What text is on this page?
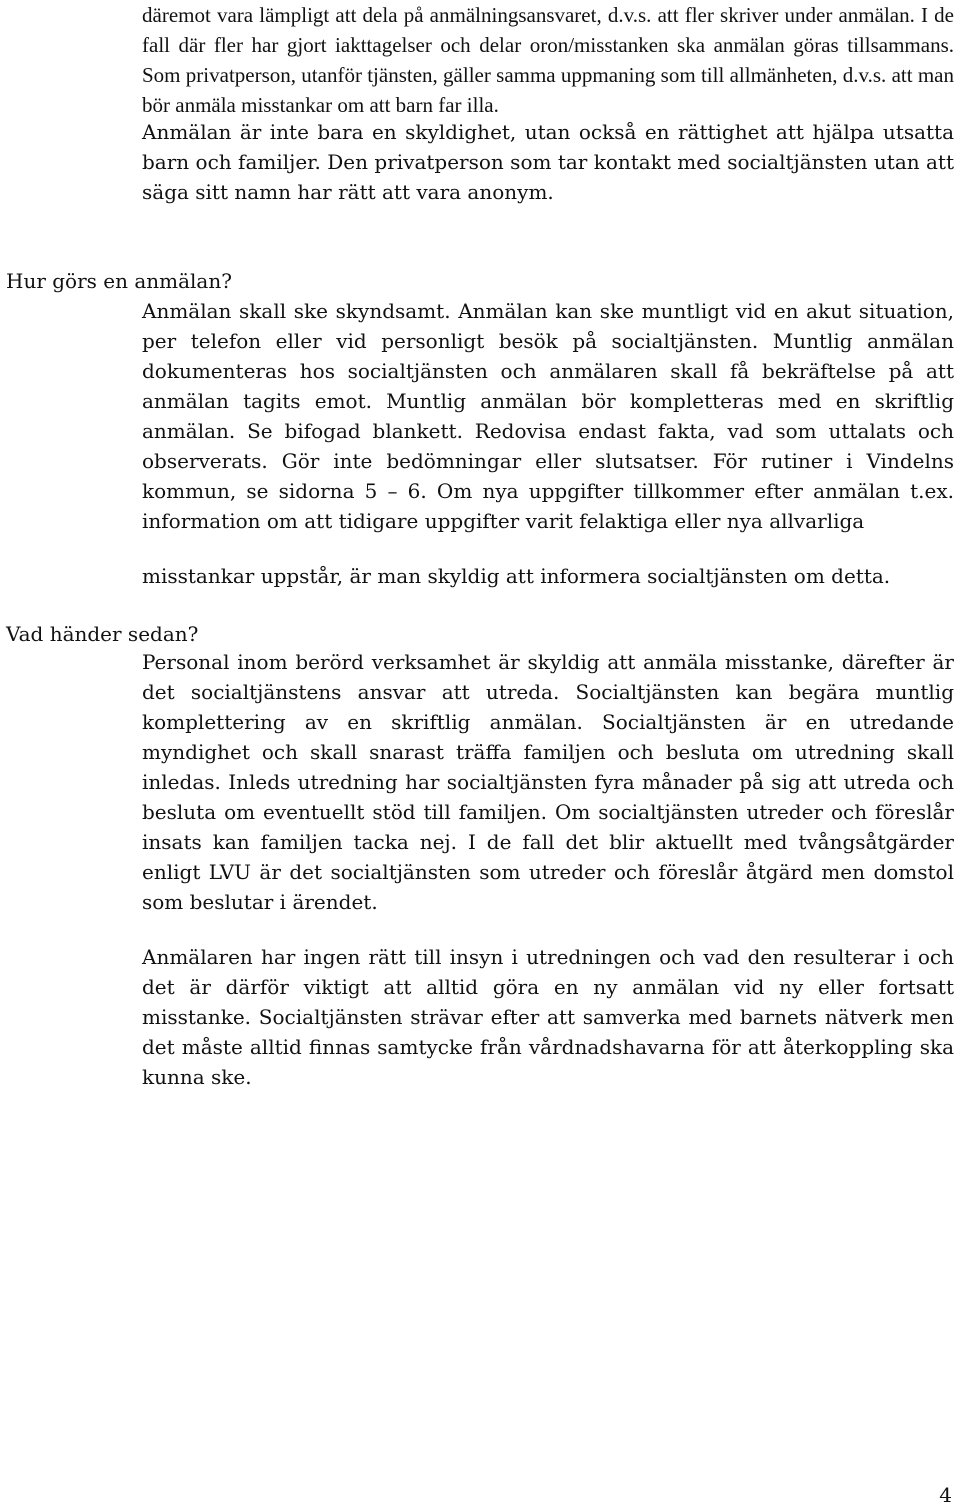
däremot vara lämpligt att dela på anmälningsansvaret, d.v.s. att fler skriver under anmälan. I de fall där fler har gjort iakttagelser och delar oron/misstanken ska anmälan göras tillsammans. Som privatperson, utanför tjänsten, gäller samma uppmaning som till allmänheten, d.v.s. att man bör anmäla misstankar om att barn far illa.

Anmälan är inte bara en skyldighet, utan också en rättighet att hjälpa utsatta barn och familjer. Den privatperson som tar kontakt med socialtjänsten utan att säga sitt namn har rätt att vara anonym.

Hur görs en anmälan?

Anmälan skall ske skyndsamt. Anmälan kan ske muntligt vid en akut situation, per telefon eller vid personligt besök på socialtjänsten. Muntlig anmälan dokumenteras hos socialtjänsten och anmälaren skall få bekräftelse på att anmälan tagits emot. Muntlig anmälan bör kompletteras med en skriftlig anmälan. Se bifogad blankett. Redovisa endast fakta, vad som uttalats och observerats. Gör inte bedömningar eller slutsatser. För rutiner i Vindelns kommun, se sidorna 5 – 6. Om nya uppgifter tillkommer efter anmälan t.ex. information om att tidigare uppgifter varit felaktiga eller nya allvarliga

misstankar uppstår, är man skyldig att informera socialtjänsten om detta.

Vad händer sedan?

Personal inom berörd verksamhet är skyldig att anmäla misstanke, därefter är det socialtjänstens ansvar att utreda. Socialtjänsten kan begära muntlig komplettering av en skriftlig anmälan. Socialtjänsten är en utredande myndighet och skall snarast träffa familjen och besluta om utredning skall inledas. Inleds utredning har socialtjänsten fyra månader på sig att utreda och besluta om eventuellt stöd till familjen. Om socialtjänsten utreder och föreslår insats kan familjen tacka nej. I de fall det blir aktuellt med tvångsåtgärder enligt LVU är det socialtjänsten som utreder och föreslår åtgärd men domstol som beslutar i ärendet.

Anmälaren har ingen rätt till insyn i utredningen och vad den resulterar i och det är därför viktigt att alltid göra en ny anmälan vid ny eller fortsatt misstanke. Socialtjänsten strävar efter att samverka med barnets nätverk men det måste alltid finnas samtycke från vårdnadshavarna för att återkoppling ska kunna ske.

4
